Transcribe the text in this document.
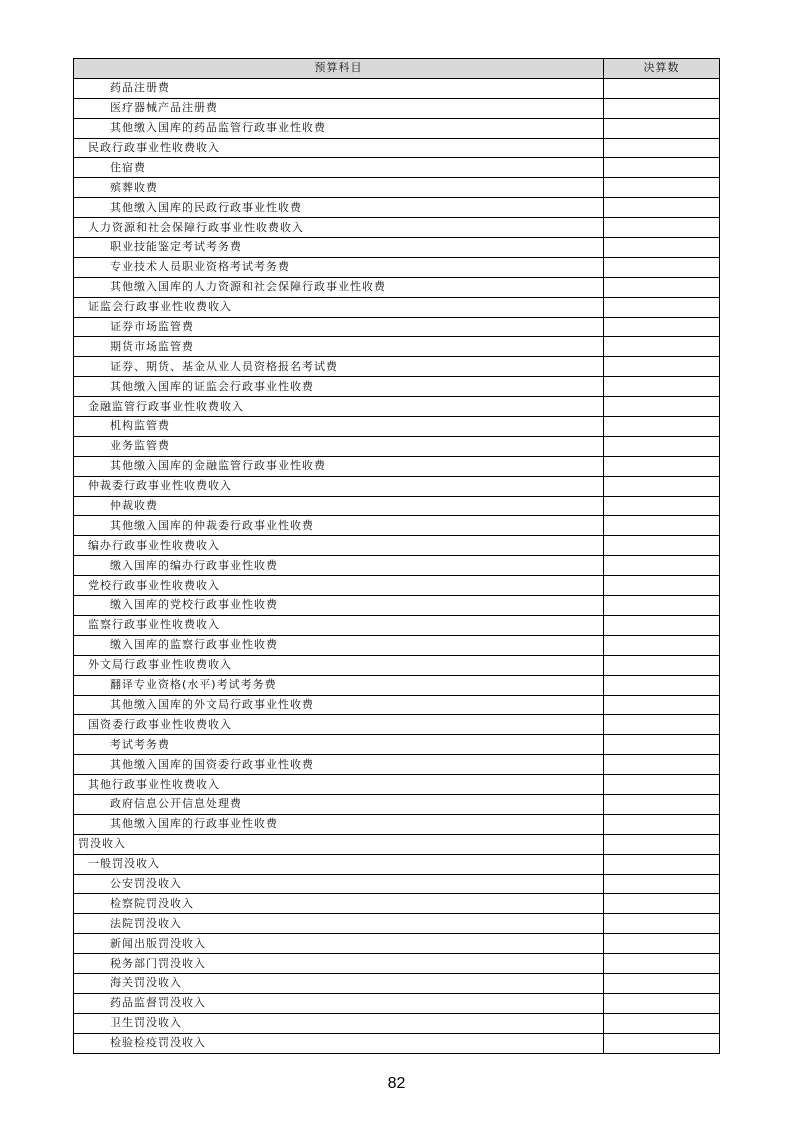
预算科目	决算数
药品注册费	
医疗器械产品注册费	
其他缴入国库的药品监管行政事业性收费	
民政行政事业性收费收入	
住宿费	
殡葬收费	
其他缴入国库的民政行政事业性收费	
人力资源和社会保障行政事业性收费收入	
职业技能鉴定考试考务费	
专业技术人员职业资格考试考务费	
其他缴入国库的人力资源和社会保障行政事业性收费	
证监会行政事业性收费收入	
证券市场监管费	
期货市场监管费	
证券、期货、基金从业人员资格报名考试费	
其他缴入国库的证监会行政事业性收费	
金融监管行政事业性收费收入	
机构监管费	
业务监管费	
其他缴入国库的金融监管行政事业性收费	
仲裁委行政事业性收费收入	
仲裁收费	
其他缴入国库的仲裁委行政事业性收费	
编办行政事业性收费收入	
缴入国库的编办行政事业性收费	
党校行政事业性收费收入	
缴入国库的党校行政事业性收费	
监察行政事业性收费收入	
缴入国库的监察行政事业性收费	
外文局行政事业性收费收入	
翻译专业资格(水平)考试考务费	
其他缴入国库的外文局行政事业性收费	
国资委行政事业性收费收入	
考试考务费	
其他缴入国库的国资委行政事业性收费	
其他行政事业性收费收入	
政府信息公开信息处理费	
其他缴入国库的行政事业性收费	
罚没收入	
一般罚没收入	
公安罚没收入	
检察院罚没收入	
法院罚没收入	
新闻出版罚没收入	
税务部门罚没收入	
海关罚没收入	
药品监督罚没收入	
卫生罚没收入	
检验检疫罚没收入	
82
